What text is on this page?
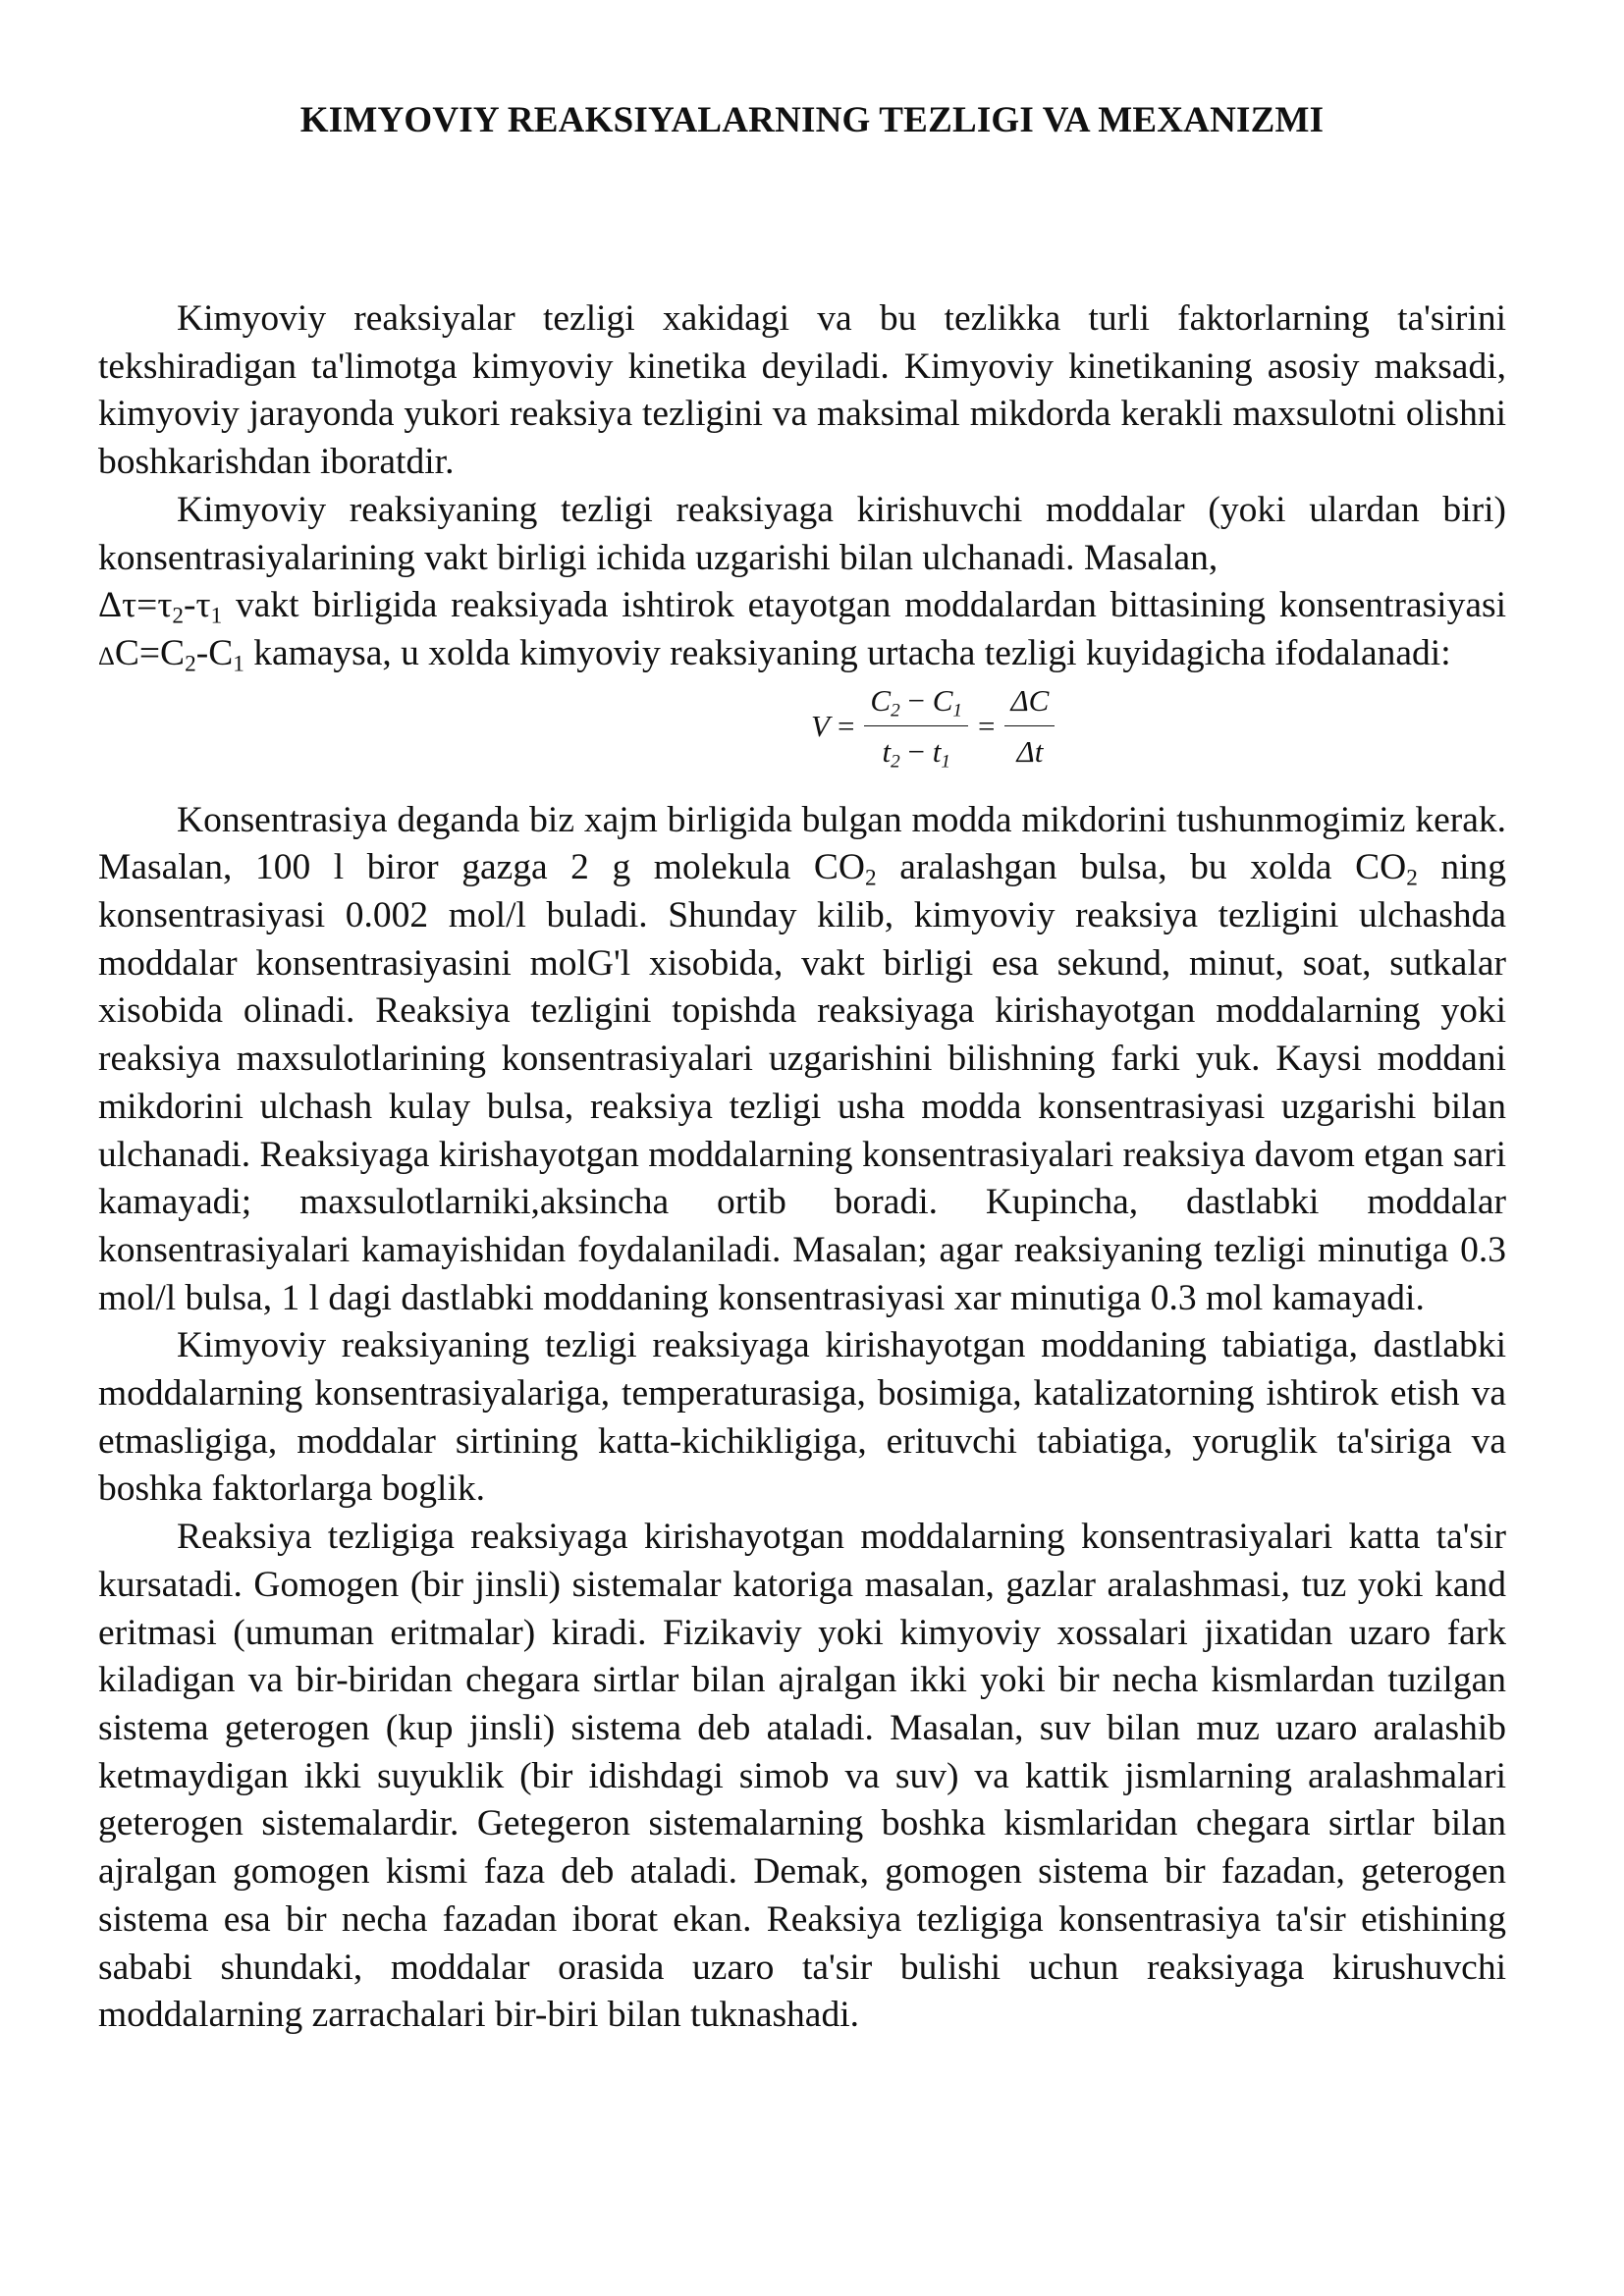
KIMYOVIY REAKSIYALARNING TEZLIGI VA MEXANIZMI

Kimyoviy reaksiyalar tezligi xakidagi va bu tezlikka turli faktorlarning ta'sirini tekshiradigan ta'limotga kimyoviy kinetika deyiladi. Kimyoviy kinetikaning asosiy maksadi, kimyoviy jarayonda yukori reaksiya tezligini va maksimal mikdorda kerakli maxsulotni olishni boshkarishdan iboratdir.

Kimyoviy reaksiyaning tezligi reaksiyaga kirishuvchi moddalar (yoki ulardan biri) konsentrasiyalarining vakt birligi ichida uzgarishi bilan ulchanadi. Masalan,
$\Delta\tau=\tau_2-\tau_1$ vakt birligida reaksiyada ishtirok etayotgan moddalardan bittasining konsentrasiyasi $\Delta C=C_2-C_1$ kamaysa, u xolda kimyoviy reaksiyaning urtacha tezligi kuyidagicha ifodalanadi:

$V = \frac{C_2 - C_1}{t_2 - t_1} = \frac{\Delta C}{\Delta t}$

Konsentrasiya deganda biz xajm birligida bulgan modda mikdorini tushunmogimiz kerak. Masalan, 100 l biror gazga 2 g molekula $CO_2$ aralashgan bulsa, bu xolda $CO_2$ ning konsentrasiyasi 0.002 mol/l buladi. Shunday kilib, kimyoviy reaksiya tezligini ulchashda moddalar konsentrasiyasini molG'l xisobida, vakt birligi esa sekund, minut, soat, sutkalar xisobida olinadi. Reaksiya tezligini topishda reaksiyaga kirishayotgan moddalarning yoki reaksiya maxsulotlarining konsentrasiyalari uzgarishini bilishning farki yuk. Kaysi moddani mikdorini ulchash kulay bulsa, reaksiya tezligi usha modda konsentrasiyasi uzgarishi bilan ulchanadi. Reaksiyaga kirishayotgan moddalarning konsentrasiyalari reaksiya davom etgan sari kamayadi; maxsulotlarniki,aksincha ortib boradi. Kupincha, dastlabki moddalar konsentrasiyalari kamayishidan foydalaniladi. Masalan; agar reaksiyaning tezligi minutiga 0.3 mol/l bulsa, 1 l dagi dastlabki moddaning konsentrasiyasi xar minutiga 0.3 mol kamayadi.

Kimyoviy reaksiyaning tezligi reaksiyaga kirishayotgan moddaning tabiatiga, dastlabki moddalarning konsentrasiyalariga, temperaturasiga, bosimiga, katalizatorning ishtirok etish va etmasligiga, moddalar sirtining katta-kichikligiga, erituvchi tabiatiga, yoruglik ta'siriga va boshka faktorlarga boglik.

Reaksiya tezligiga reaksiyaga kirishayotgan moddalarning konsentrasiyalari katta ta'sir kursatadi. Gomogen (bir jinsli) sistemalar katoriga masalan, gazlar aralashmasi, tuz yoki kand eritmasi (umuman eritmalar) kiradi. Fizikaviy yoki kimyoviy xossalari jixatidan uzaro fark kiladigan va bir-biridan chegara sirtlar bilan ajralgan ikki yoki bir necha kismlardan tuzilgan sistema geterogen (kup jinsli) sistema deb ataladi. Masalan, suv bilan muz uzaro aralashib ketmaydigan ikki suyuklik (bir idishdagi simob va suv) va kattik jismlarning aralashmalari geterogen sistemalardir. Getegeron sistemalarning boshka kismlaridan chegara sirtlar bilan ajralgan gomogen kismi faza deb ataladi. Demak, gomogen sistema bir fazadan, geterogen sistema esa bir necha fazadan iborat ekan. Reaksiya tezligiga konsentrasiya ta'sir etishining sababi shundaki, moddalar orasida uzaro ta'sir bulishi uchun reaksiyaga kirushuvchi moddalarning zarrachalari bir-biri bilan tuknashadi.
